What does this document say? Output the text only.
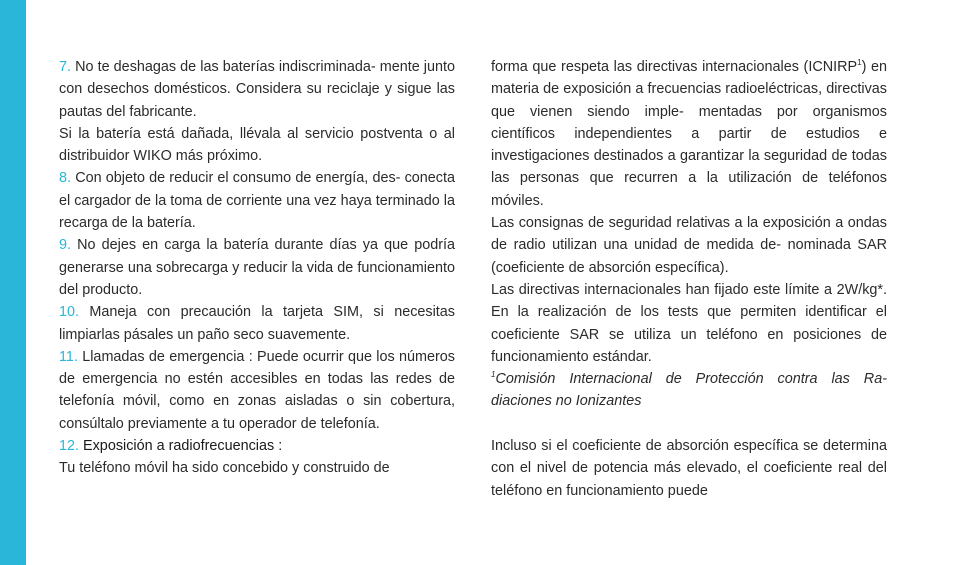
7. No te deshagas de las baterías indiscriminada- mente junto con desechos domésticos. Considera su reciclaje y sigue las pautas del fabricante.

Si la batería está dañada, llévala al servicio postventa o al distribuidor WIKO más próximo.

8. Con objeto de reducir el consumo de energía, des- conecta el cargador de la toma de corriente una vez haya terminado la recarga de la batería.

9. No dejes en carga la batería durante días ya que podría generarse una sobrecarga y reducir la vida de funcionamiento del producto.

10. Maneja con precaución la tarjeta SIM, si necesitas limpiarlas pásales un paño seco suavemente.

11. Llamadas de emergencia : Puede ocurrir que los números de emergencia no estén accesibles en todas las redes de telefonía móvil, como en zonas aisladas o sin cobertura, consúltalo previamente a tu operador de telefonía.

12. Exposición a radiofrecuencias :

Tu teléfono móvil ha sido concebido y construido de

forma que respeta las directivas internacionales (ICNIRP$^1$) en materia de exposición a frecuencias radioeléctricas, directivas que vienen siendo imple- mentadas por organismos científicos independientes a partir de estudios e investigaciones destinados a garantizar la seguridad de todas las personas que recurren a la utilización de teléfonos móviles.

Las consignas de seguridad relativas a la exposición a ondas de radio utilizan una unidad de medida de- nominada SAR (coeficiente de absorción específica).

Las directivas internacionales han fijado este límite a 2W/kg*. En la realización de los tests que permiten identificar el coeficiente SAR se utiliza un teléfono en posiciones de funcionamiento estándar.

$^1$Comisión Internacional de Protección contra las Ra- diaciones no Ionizantes

Incluso si el coeficiente de absorción específica se determina con el nivel de potencia más elevado, el coeficiente real del teléfono en funcionamiento puede
